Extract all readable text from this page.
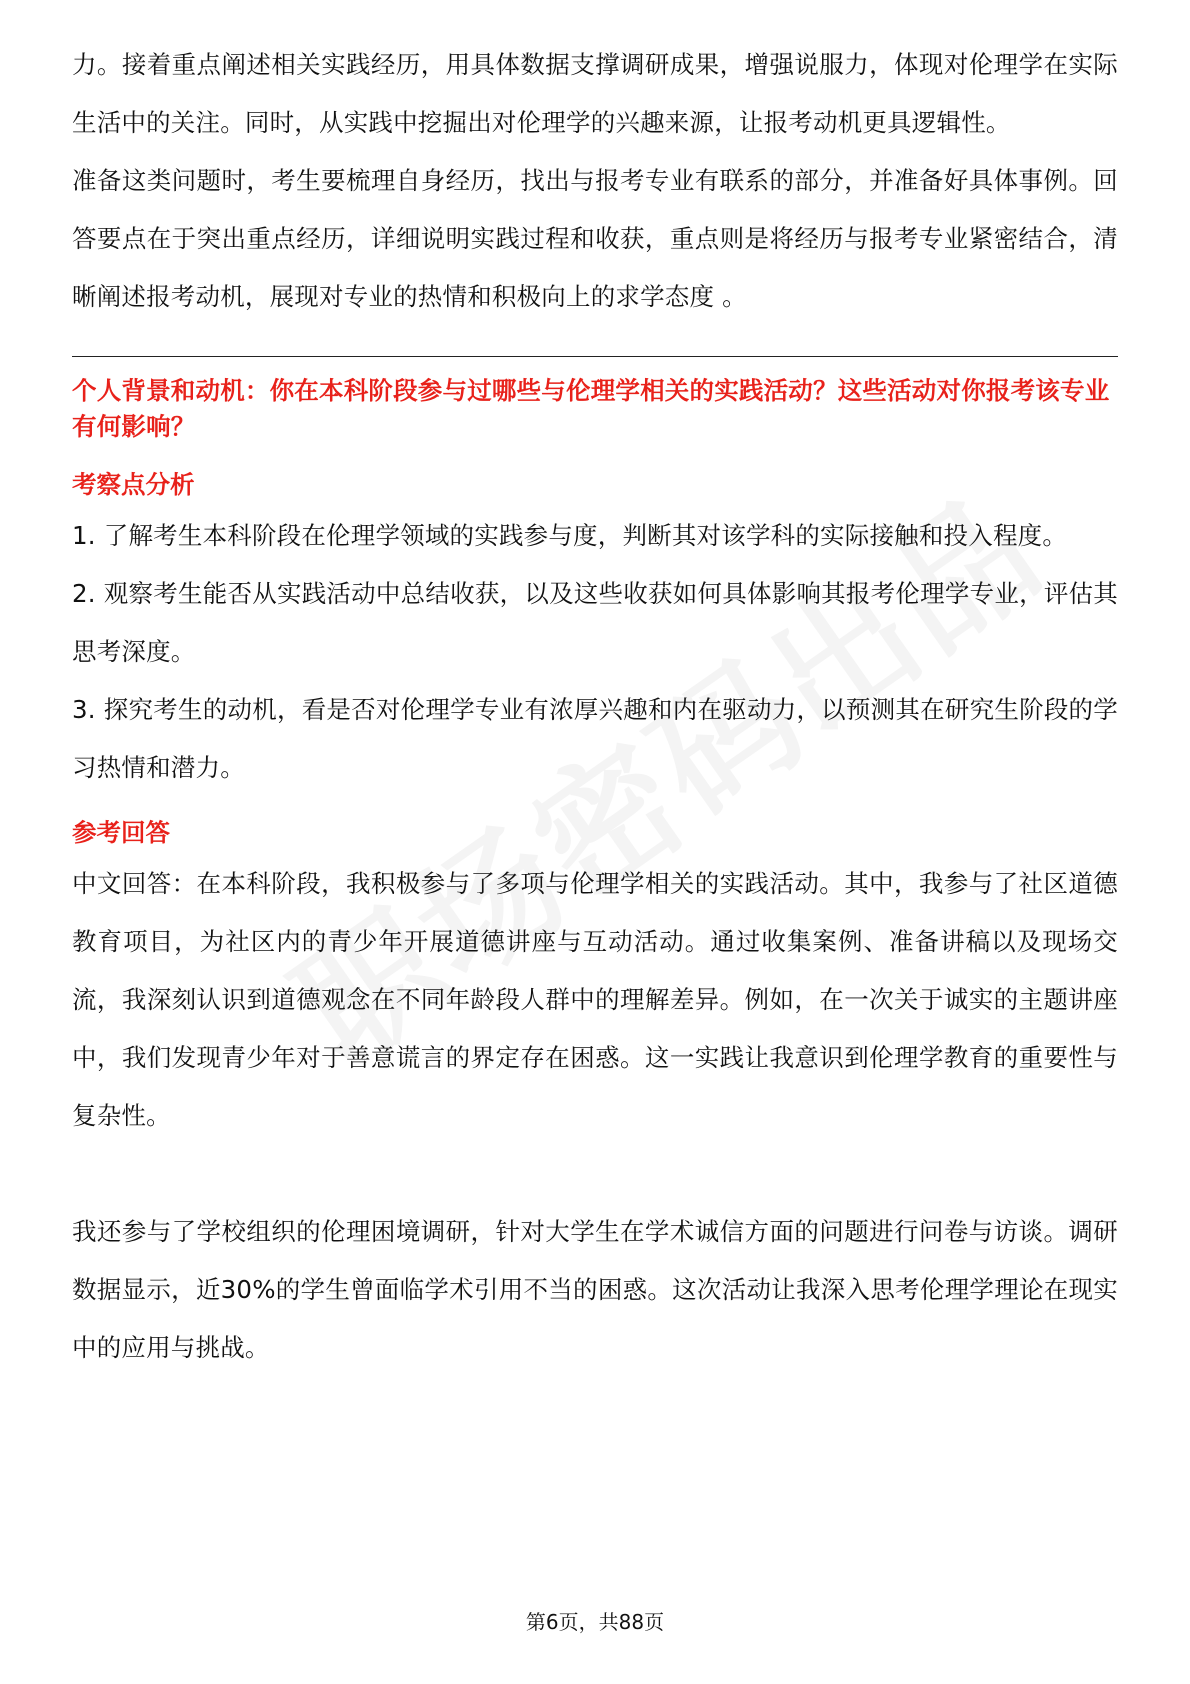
力。接着重点阐述相关实践经历，用具体数据支撑调研成果，增强说服力，体现对伦理学在实际生活中的关注。同时，从实践中挖掘出对伦理学的兴趣来源，让报考动机更具逻辑性。

准备这类问题时，考生要梳理自身经历，找出与报考专业有联系的部分，并准备好具体事例。回答要点在于突出重点经历，详细说明实践过程和收获，重点则是将经历与报考专业紧密结合，清晰阐述报考动机，展现对专业的热情和积极向上的求学态度 。

个人背景和动机：你在本科阶段参与过哪些与伦理学相关的实践活动？这些活动对你报考该专业有何影响？
考察点分析
1. 了解考生本科阶段在伦理学领域的实践参与度，判断其对该学科的实际接触和投入程度。
2. 观察考生能否从实践活动中总结收获，以及这些收获如何具体影响其报考伦理学专业，评估其思考深度。
3. 探究考生的动机，看是否对伦理学专业有浓厚兴趣和内在驱动力，以预测其在研究生阶段的学习热情和潜力。
参考回答

中文回答：在本科阶段，我积极参与了多项与伦理学相关的实践活动。其中，我参与了社区道德教育项目，为社区内的青少年开展道德讲座与互动活动。通过收集案例、准备讲稿以及现场交流，我深刻认识到道德观念在不同年龄段人群中的理解差异。例如，在一次关于诚实的主题讲座中，我们发现青少年对于善意谎言的界定存在困惑。这一实践让我意识到伦理学教育的重要性与复杂性。

我还参与了学校组织的伦理困境调研，针对大学生在学术诚信方面的问题进行问卷与访谈。调研数据显示，近30%的学生曾面临学术引用不当的困惑。这次活动让我深入思考伦理学理论在现实中的应用与挑战。

第6页，共88页
